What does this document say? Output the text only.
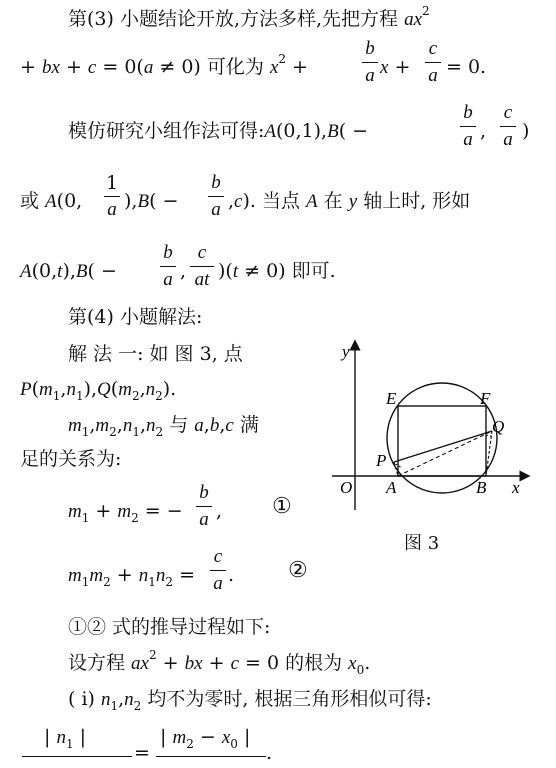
第(3) 小题结论开放,方法多样,先把方程 $ax^2$
+ bx + c = 0(a ≠ 0) 可化为 $x^2$ +
b
a x +
c
a = 0.
模仿研究小组作法可得:A(0,1),B( −
b
a ,
c
a )
或 A(0,
1
a ),B( −
b
a ,c). 当点 A 在 y 轴上时, 形如
A(0,t),B( −
b
a ,
c
at )(t ≠ 0) 即可.
第(4) 小题解法:
解 法 一: 如 图 3, 点
$P(m_1,n_1),Q(m_2,n_2)$.
$m_1,m_2,n_1,n_2$ 与 a,b,c 满
足的关系为:
$m_1 + m_2$ = −
b
a , ①
$m_1m_2 + n_1n_2$ =
c
a . ②
①② 式的推导过程如下:
设方程 $ax^2$ + bx + c = 0 的根为 $x_0$.
( ⅰ) $n_1,n_2$ 均不为零时, 根据三角形相似可得:
| $n_1$ |
=
| $m_2 - x_0$ |
.
y
x
O A	B
E	F
P
Q
图 3
